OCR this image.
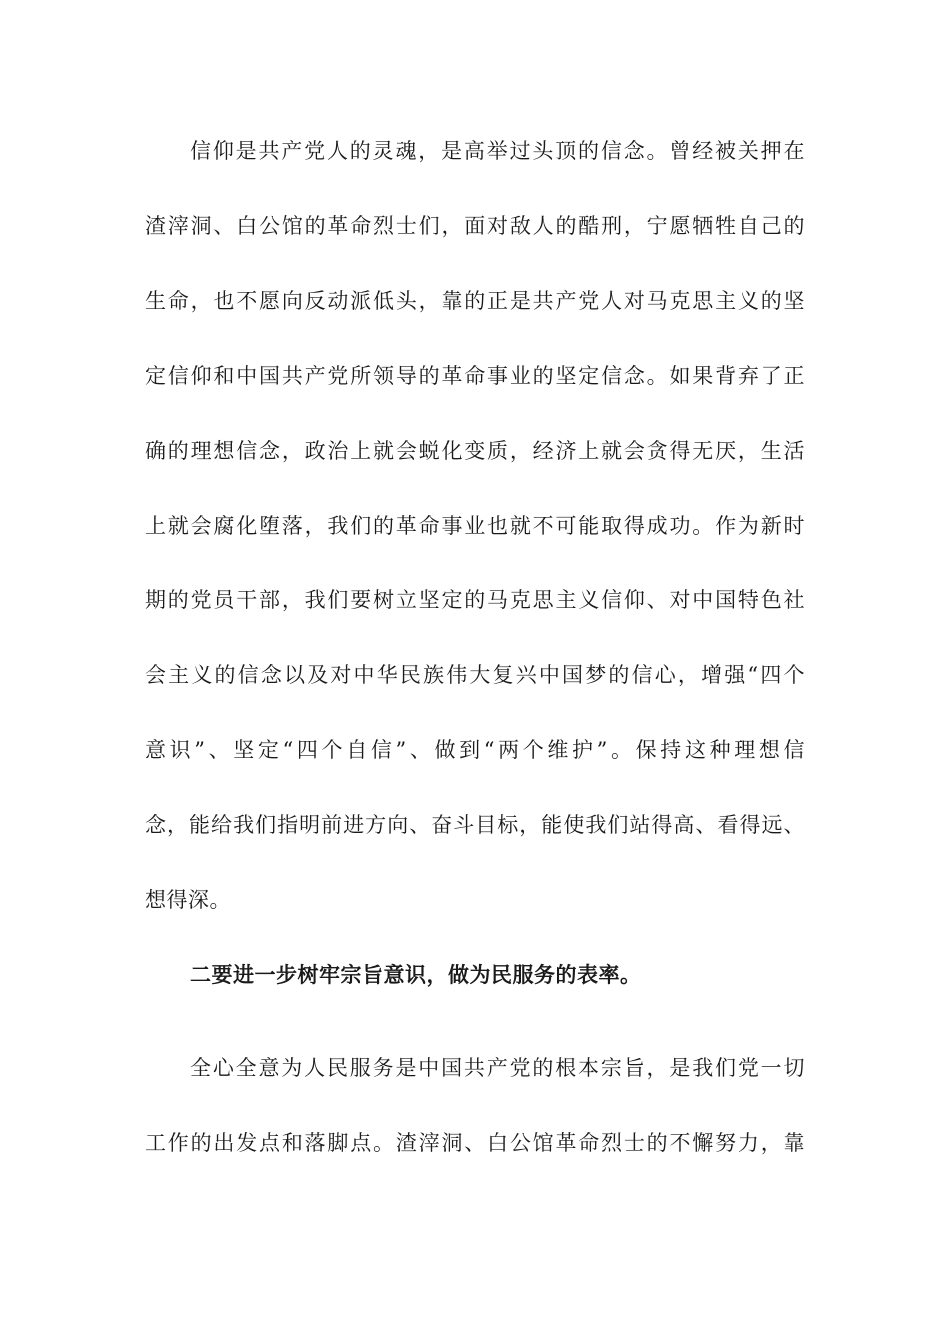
信仰是共产党人的灵魂，是高举过头顶的信念。曾经被关押在
渣滓洞、白公馆的革命烈士们，面对敌人的酷刑，宁愿牺牲自己的
生命，也不愿向反动派低头，靠的正是共产党人对马克思主义的坚
定信仰和中国共产党所领导的革命事业的坚定信念。如果背弃了正
确的理想信念，政治上就会蜕化变质，经济上就会贪得无厌，生活
上就会腐化堕落，我们的革命事业也就不可能取得成功。作为新时
期的党员干部，我们要树立坚定的马克思主义信仰、对中国特色社
会主义的信念以及对中华民族伟大复兴中国梦的信心，增强“四个
意识”、坚定“四个自信”、做到“两个维护”。保持这种理想信
念，能给我们指明前进方向、奋斗目标，能使我们站得高、看得远、
想得深。
二要进一步树牢宗旨意识，做为民服务的表率。
全心全意为人民服务是中国共产党的根本宗旨，是我们党一切
工作的出发点和落脚点。渣滓洞、白公馆革命烈士的不懈努力，靠
